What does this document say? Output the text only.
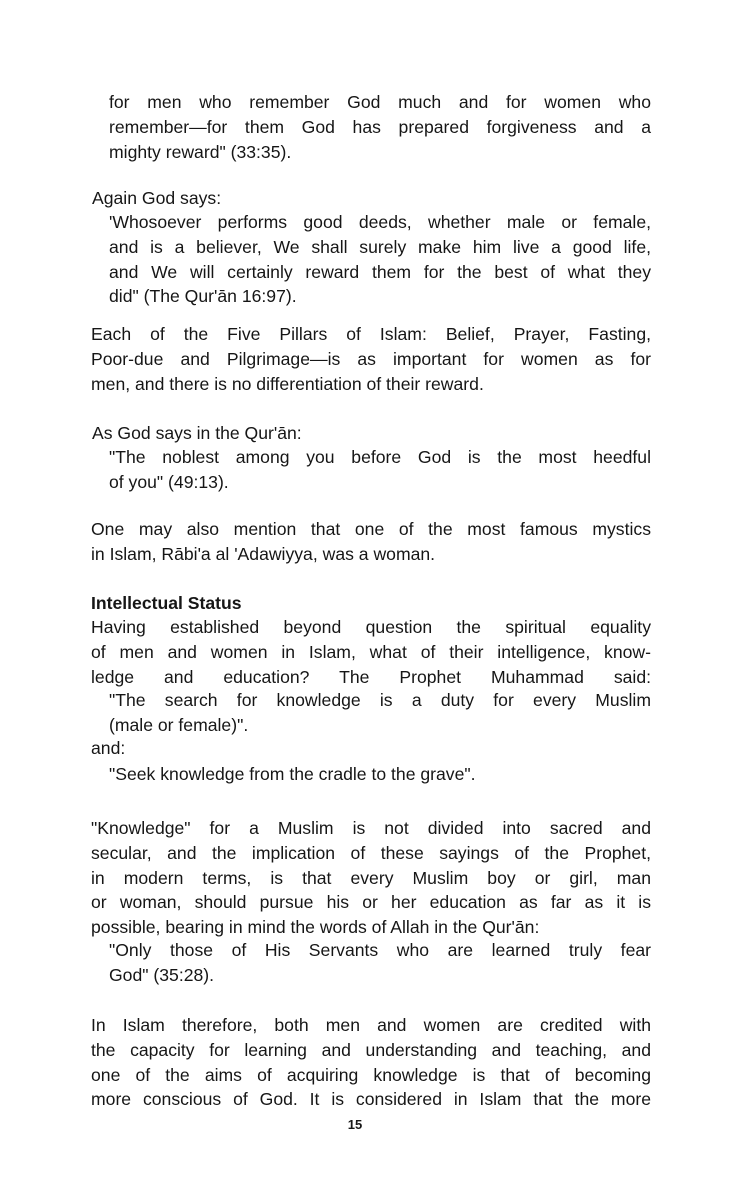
for men who remember God much and for women who
remember—for them God has prepared forgiveness and a
mighty reward" (33:35).
Again God says:
'Whosoever performs good deeds, whether male or female,
and is a believer, We shall surely make him live a good life,
and We will certainly reward them for the best of what they
did" (The Qur'ān 16:97).
Each of the Five Pillars of Islam: Belief, Prayer, Fasting,
Poor-due and Pilgrimage—is as important for women as for
men, and there is no differentiation of their reward.
As God says in the Qur'ān:
"The noblest among you before God is the most heedful
of you" (49:13).
One may also mention that one of the most famous mystics
in Islam, Rābi'a al 'Adawiyya, was a woman.
Intellectual Status
Having established beyond question the spiritual equality
of men and women in Islam, what of their intelligence, know-
ledge and education? The Prophet Muhammad said:
"The search for knowledge is a duty for every Muslim
(male or female)".
and:
"Seek knowledge from the cradle to the grave".
"Knowledge" for a Muslim is not divided into sacred and
secular, and the implication of these sayings of the Prophet,
in modern terms, is that every Muslim boy or girl, man
or woman, should pursue his or her education as far as it is
possible, bearing in mind the words of Allah in the Qur'ān:
"Only those of His Servants who are learned truly fear
God" (35:28).
In Islam therefore, both men and women are credited with
the capacity for learning and understanding and teaching, and
one of the aims of acquiring knowledge is that of becoming
more conscious of God. It is considered in Islam that the more
15
